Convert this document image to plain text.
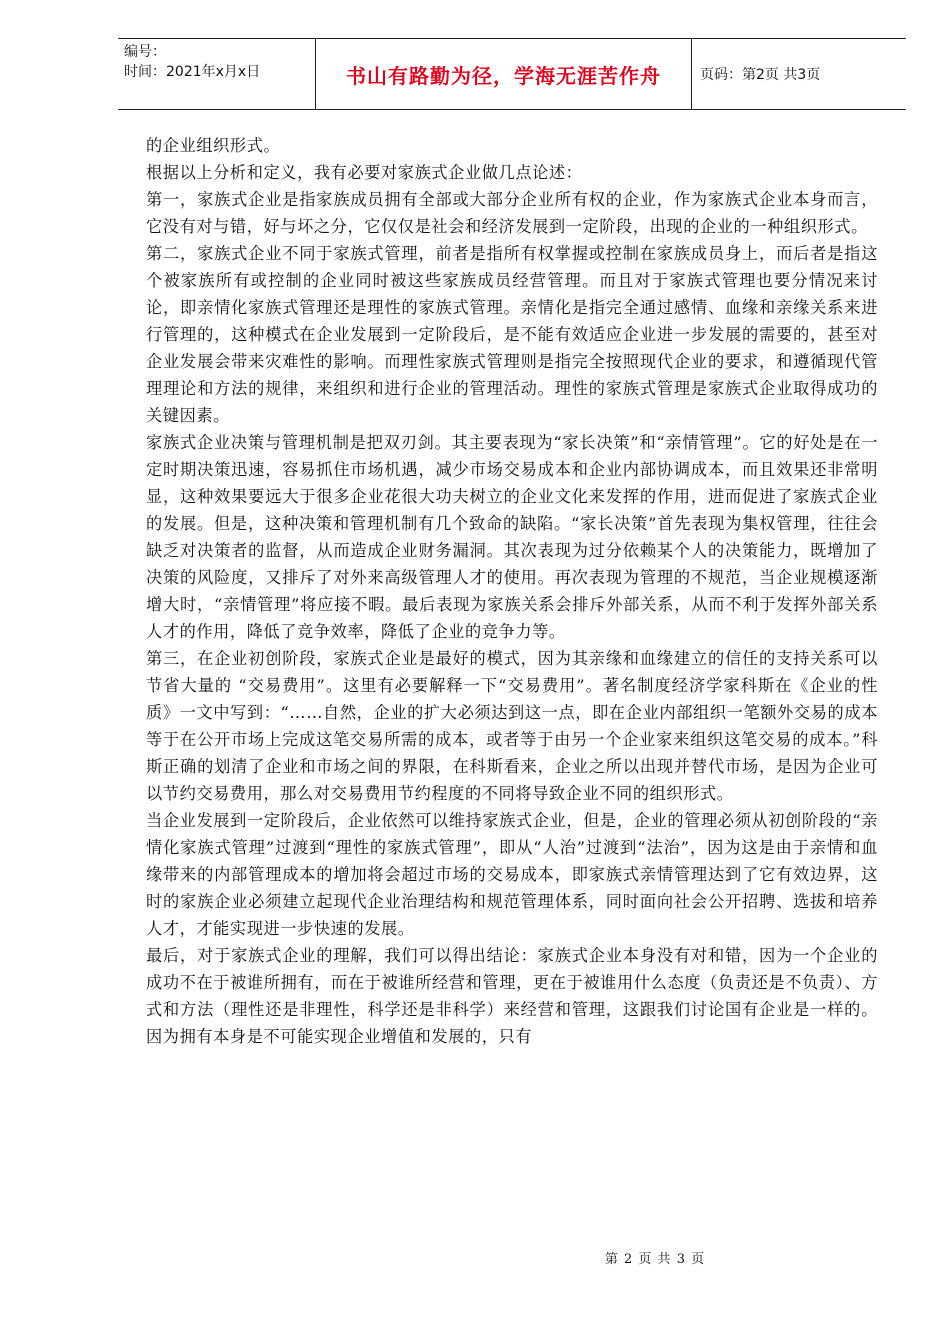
编号：
时间：2021年x月x日	书山有路勤为径，学海无涯苦作舟	页码：第2页 共3页

的企业组织形式。

根据以上分析和定义，我有必要对家族式企业做几点论述：

第一，家族式企业是指家族成员拥有全部或大部分企业所有权的企业，作为家族式企业本身而言，它没有对与错，好与坏之分，它仅仅是社会和经济发展到一定阶段，出现的企业的一种组织形式。

第二，家族式企业不同于家族式管理，前者是指所有权掌握或控制在家族成员身上，而后者是指这个被家族所有或控制的企业同时被这些家族成员经营管理。而且对于家族式管理也要分情况来讨论，即亲情化家族式管理还是理性的家族式管理。亲情化是指完全通过感情、血缘和亲缘关系来进行管理的，这种模式在企业发展到一定阶段后，是不能有效适应企业进一步发展的需要的，甚至对企业发展会带来灾难性的影响。而理性家族式管理则是指完全按照现代企业的要求，和遵循现代管理理论和方法的规律，来组织和进行企业的管理活动。理性的家族式管理是家族式企业取得成功的关键因素。

家族式企业决策与管理机制是把双刃剑。其主要表现为“家长决策”和“亲情管理”。它的好处是在一定时期决策迅速，容易抓住市场机遇，减少市场交易成本和企业内部协调成本，而且效果还非常明显，这种效果要远大于很多企业花很大功夫树立的企业文化来发挥的作用，进而促进了家族式企业的发展。但是，这种决策和管理机制有几个致命的缺陷。“家长决策”首先表现为集权管理，往往会缺乏对决策者的监督，从而造成企业财务漏洞。其次表现为过分依赖某个人的决策能力，既增加了决策的风险度，又排斥了对外来高级管理人才的使用。再次表现为管理的不规范，当企业规模逐渐增大时，“亲情管理”将应接不暇。最后表现为家族关系会排斥外部关系，从而不利于发挥外部关系人才的作用，降低了竞争效率，降低了企业的竞争力等。

第三，在企业初创阶段，家族式企业是最好的模式，因为其亲缘和血缘建立的信任的支持关系可以节省大量的 “交易费用”。这里有必要解释一下“交易费用”。著名制度经济学家科斯在《企业的性质》一文中写到：“……自然，企业的扩大必须达到这一点，即在企业内部组织一笔额外交易的成本等于在公开市场上完成这笔交易所需的成本，或者等于由另一个企业家来组织这笔交易的成本。”科斯正确的划清了企业和市场之间的界限，在科斯看来，企业之所以出现并替代市场，是因为企业可以节约交易费用，那么对交易费用节约程度的不同将导致企业不同的组织形式。

当企业发展到一定阶段后，企业依然可以维持家族式企业，但是，企业的管理必须从初创阶段的“亲情化家族式管理”过渡到“理性的家族式管理”，即从“人治”过渡到“法治”，因为这是由于亲情和血缘带来的内部管理成本的增加将会超过市场的交易成本，即家族式亲情管理达到了它有效边界，这时的家族企业必须建立起现代企业治理结构和规范管理体系，同时面向社会公开招聘、选拔和培养人才，才能实现进一步快速的发展。

最后，对于家族式企业的理解，我们可以得出结论：家族式企业本身没有对和错，因为一个企业的成功不在于被谁所拥有，而在于被谁所经营和管理，更在于被谁用什么态度（负责还是不负责）、方式和方法（理性还是非理性，科学还是非科学）来经营和管理，这跟我们讨论国有企业是一样的。因为拥有本身是不可能实现企业增值和发展的，只有

第 2 页 共 3 页
